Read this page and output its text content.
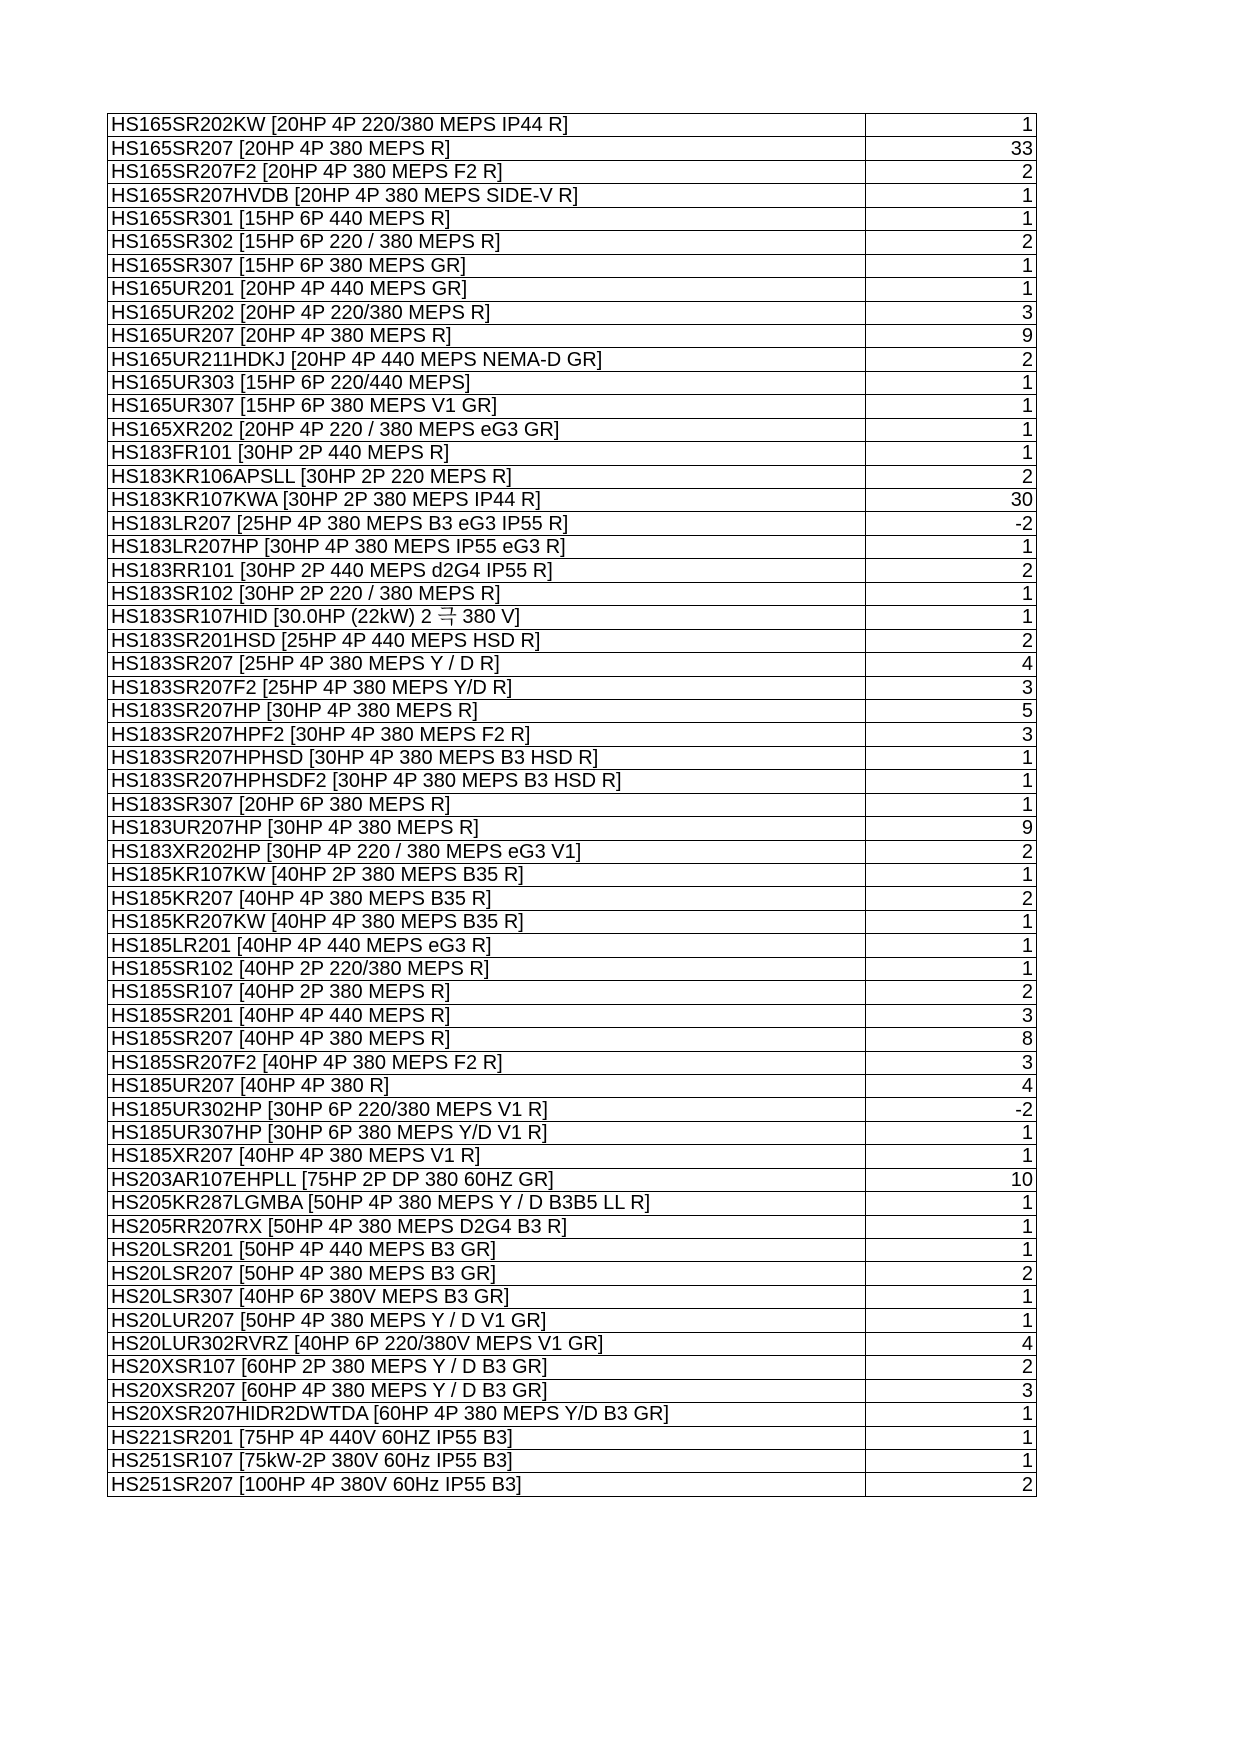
HS165SR202KW [20HP 4P 220/380 MEPS IP44 R]	1
HS165SR207 [20HP 4P 380 MEPS R]	33
HS165SR207F2 [20HP 4P 380 MEPS F2 R]	2
HS165SR207HVDB [20HP 4P 380 MEPS SIDE-V R]	1
HS165SR301 [15HP 6P 440 MEPS R]	1
HS165SR302 [15HP 6P 220 / 380 MEPS R]	2
HS165SR307 [15HP 6P 380 MEPS GR]	1
HS165UR201 [20HP 4P 440 MEPS GR]	1
HS165UR202 [20HP 4P 220/380 MEPS R]	3
HS165UR207 [20HP 4P 380 MEPS R]	9
HS165UR211HDKJ [20HP 4P 440 MEPS NEMA-D GR]	2
HS165UR303 [15HP 6P 220/440 MEPS]	1
HS165UR307 [15HP 6P 380 MEPS V1 GR]	1
HS165XR202 [20HP 4P 220 / 380 MEPS eG3 GR]	1
HS183FR101 [30HP 2P 440 MEPS R]	1
HS183KR106APSLL [30HP 2P 220 MEPS R]	2
HS183KR107KWA [30HP 2P 380 MEPS IP44 R]	30
HS183LR207 [25HP 4P 380 MEPS B3 eG3 IP55 R]	-2
HS183LR207HP [30HP 4P 380 MEPS IP55 eG3 R]	1
HS183RR101 [30HP 2P 440 MEPS d2G4 IP55 R]	2
HS183SR102 [30HP 2P 220 / 380 MEPS R]	1
HS183SR107HID [30.0HP (22kW) 2 극 380 V]	1
HS183SR201HSD [25HP 4P 440 MEPS HSD R]	2
HS183SR207 [25HP 4P 380 MEPS Y / D R]	4
HS183SR207F2 [25HP 4P 380 MEPS Y/D R]	3
HS183SR207HP [30HP 4P 380 MEPS R]	5
HS183SR207HPF2 [30HP 4P 380 MEPS F2 R]	3
HS183SR207HPHSD [30HP 4P 380 MEPS B3 HSD R]	1
HS183SR207HPHSDF2 [30HP 4P 380 MEPS B3 HSD R]	1
HS183SR307 [20HP 6P 380 MEPS R]	1
HS183UR207HP [30HP 4P 380 MEPS R]	9
HS183XR202HP [30HP 4P 220 / 380 MEPS eG3 V1]	2
HS185KR107KW [40HP 2P 380 MEPS B35 R]	1
HS185KR207 [40HP 4P 380 MEPS B35 R]	2
HS185KR207KW [40HP 4P 380 MEPS B35 R]	1
HS185LR201 [40HP 4P 440 MEPS eG3 R]	1
HS185SR102 [40HP 2P 220/380 MEPS R]	1
HS185SR107 [40HP 2P 380 MEPS R]	2
HS185SR201 [40HP 4P 440 MEPS R]	3
HS185SR207 [40HP 4P 380 MEPS R]	8
HS185SR207F2 [40HP 4P 380 MEPS F2 R]	3
HS185UR207 [40HP 4P 380 R]	4
HS185UR302HP [30HP 6P 220/380 MEPS V1 R]	-2
HS185UR307HP [30HP 6P 380 MEPS Y/D V1 R]	1
HS185XR207 [40HP 4P 380 MEPS V1 R]	1
HS203AR107EHPLL [75HP 2P DP 380 60HZ GR]	10
HS205KR287LGMBA [50HP 4P 380 MEPS Y / D B3B5 LL R]	1
HS205RR207RX [50HP 4P 380 MEPS D2G4 B3 R]	1
HS20LSR201 [50HP 4P 440 MEPS B3 GR]	1
HS20LSR207 [50HP 4P 380 MEPS B3 GR]	2
HS20LSR307 [40HP 6P 380V MEPS B3 GR]	1
HS20LUR207 [50HP 4P 380 MEPS Y / D V1 GR]	1
HS20LUR302RVRZ [40HP 6P 220/380V MEPS V1 GR]	4
HS20XSR107 [60HP 2P 380 MEPS Y / D B3 GR]	2
HS20XSR207 [60HP 4P 380 MEPS Y / D B3 GR]	3
HS20XSR207HIDR2DWTDA [60HP 4P 380 MEPS Y/D B3 GR]	1
HS221SR201 [75HP 4P 440V 60HZ IP55 B3]	1
HS251SR107 [75kW-2P 380V 60Hz IP55 B3]	1
HS251SR207 [100HP 4P 380V 60Hz IP55 B3]	2
